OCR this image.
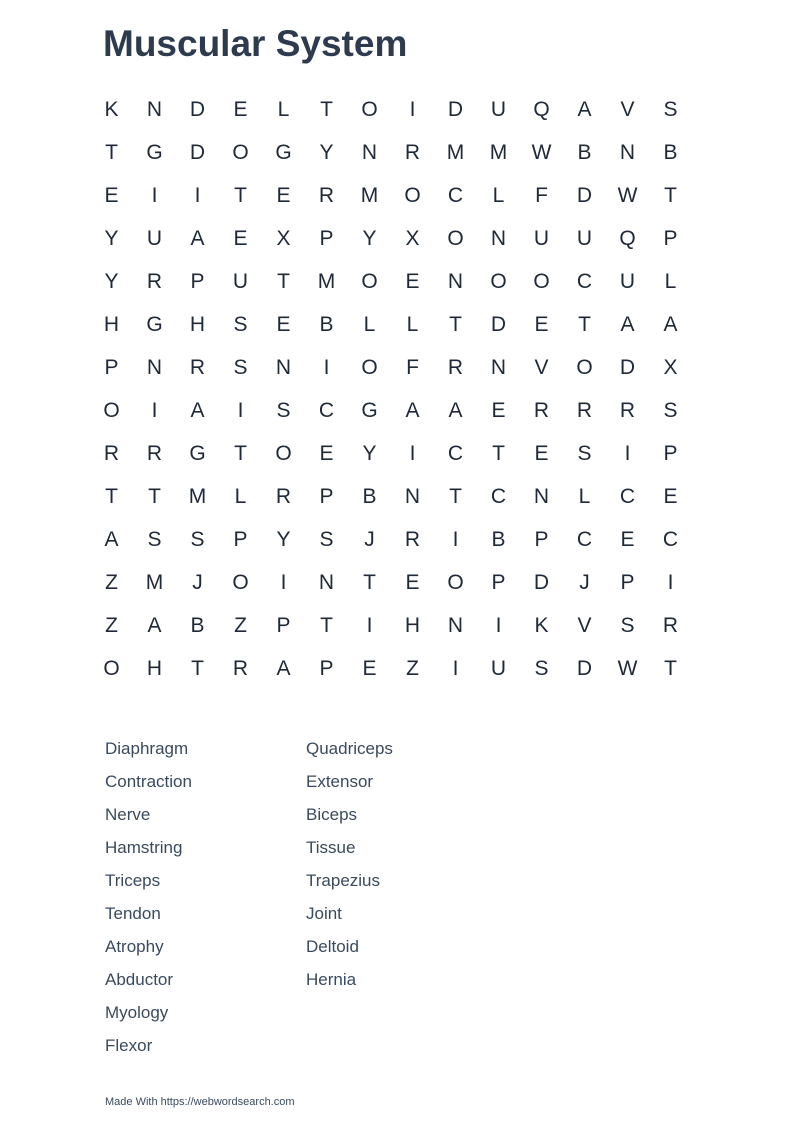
Muscular System
K	N	D	E	L	T	O	I	D	U	Q	A	V	S
T	G	D	O	G	Y	N	R	M	M	W	B	N	B
E	I	I	T	E	R	M	O	C	L	F	D	W	T
Y	U	A	E	X	P	Y	X	O	N	U	U	Q	P
Y	R	P	U	T	M	O	E	N	O	O	C	U	L
H	G	H	S	E	B	L	L	T	D	E	T	A	A
P	N	R	S	N	I	O	F	R	N	V	O	D	X
O	I	A	I	S	C	G	A	A	E	R	R	R	S
R	R	G	T	O	E	Y	I	C	T	E	S	I	P
T	T	M	L	R	P	B	N	T	C	N	L	C	E
A	S	S	P	Y	S	J	R	I	B	P	C	E	C
Z	M	J	O	I	N	T	E	O	P	D	J	P	I
Z	A	B	Z	P	T	I	H	N	I	K	V	S	R
O	H	T	R	A	P	E	Z	I	U	S	D	W	T
Diaphragm
Contraction
Nerve
Hamstring
Triceps
Tendon
Atrophy
Abductor
Myology
Flexor
Quadriceps
Extensor
Biceps
Tissue
Trapezius
Joint
Deltoid
Hernia
Made With https://webwordsearch.com
